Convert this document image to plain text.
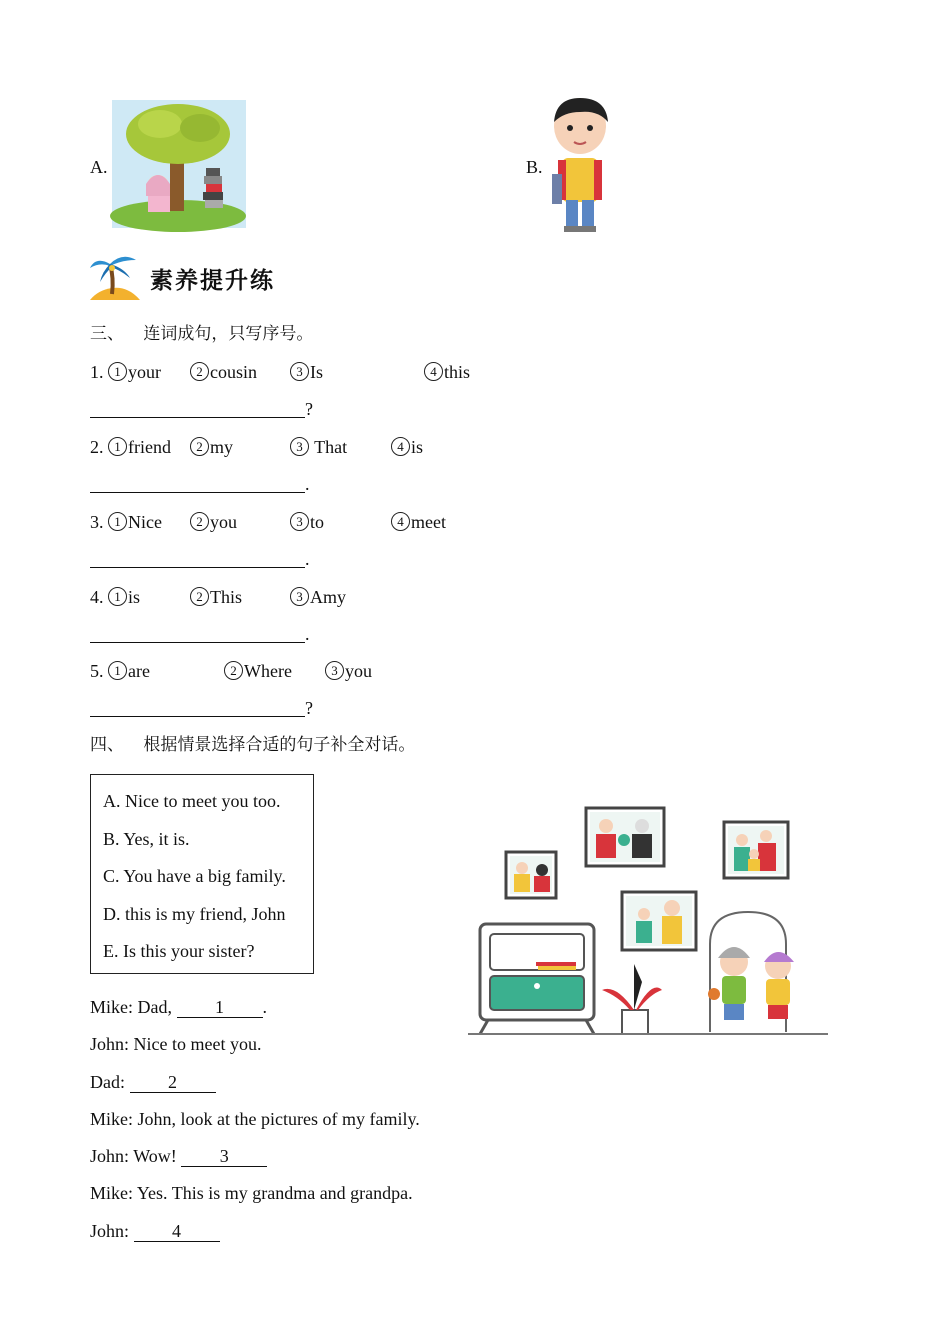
A.	B.
素养提升练
三、 连词成句，只写序号。
1. 1 your	2 cousin	3 Is	4 this
?
2. 1 friend	2 my	3 That	4 is
.
3. 1 Nice	2 you	3 to	4 meet
.
4. 1 is	2 This	3 Amy
.
5. 1 are	2 Where	3 you
?
四、 根据情景选择合适的句子补全对话。
A. Nice to meet you too.
B. Yes, it is.
C. You have a big family.
D. this is my friend, John
E. Is this your sister?
Mike: Dad, 1 .
John: Nice to meet you.
Dad: 2
Mike: John, look at the pictures of my family.
John: Wow! 3
Mike: Yes. This is my grandma and grandpa.
John: 4
